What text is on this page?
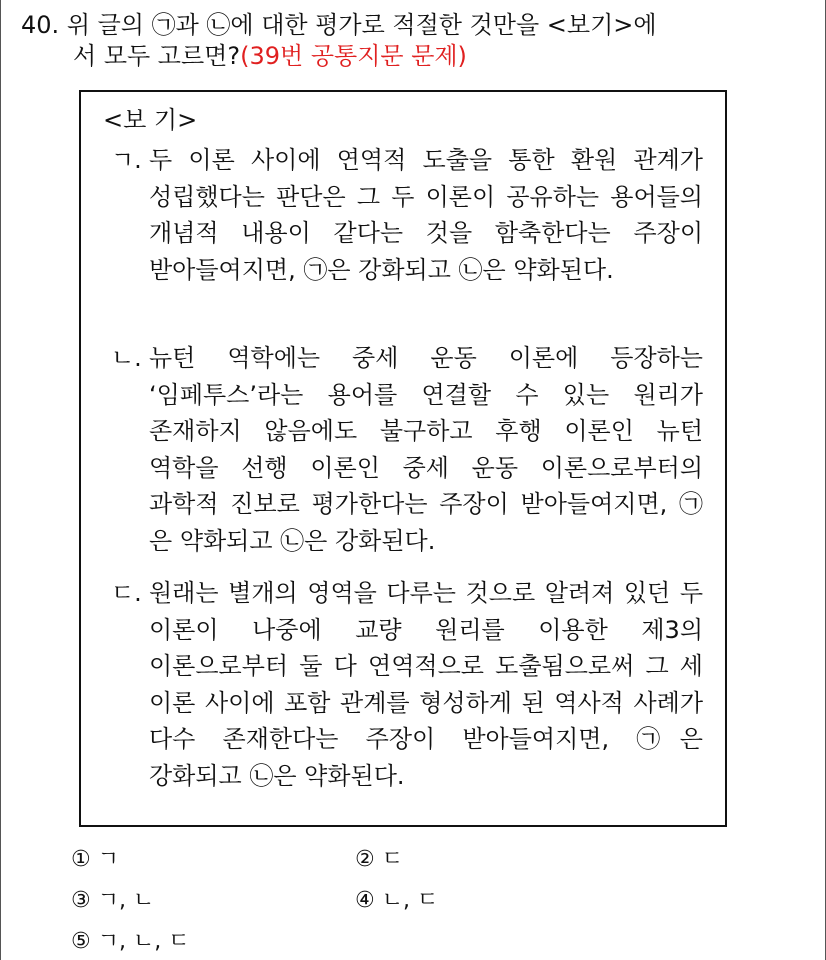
40. 위 글의 ㉠과 ㉡에 대한 평가로 적절한 것만을 <보기>에
서 모두 고르면?(39번 공통지문 문제)
<보 기>
ㄱ. 두 이론 사이에 연역적 도출을 통한 환원 관계가 성립했다는 판단은 그 두 이론이 공유하는 용어들의 개념적 내용이 같다는 것을 함축한다는 주장이 받아들여지면, ㉠은 강화되고 ㉡은 약화된다.
ㄴ. 뉴턴 역학에는 중세 운동 이론에 등장하는 ‘임페투스’라는 용어를 연결할 수 있는 원리가 존재하지 않음에도 불구하고 후행 이론인 뉴턴 역학을 선행 이론인 중세 운동 이론으로부터의 과학적 진보로 평가한다는 주장이 받아들여지면, ㉠은 약화되고 ㉡은 강화된다.
ㄷ. 원래는 별개의 영역을 다루는 것으로 알려져 있던 두 이론이 나중에 교량 원리를 이용한 제3의 이론으로부터 둘 다 연역적으로 도출됨으로써 그 세 이론 사이에 포함 관계를 형성하게 된 역사적 사례가 다수 존재한다는 주장이 받아들여지면, ㉠은 강화되고 ㉡은 약화된다.
① ㄱ	② ㄷ
③ ㄱ, ㄴ	④ ㄴ, ㄷ
⑤ ㄱ, ㄴ, ㄷ
